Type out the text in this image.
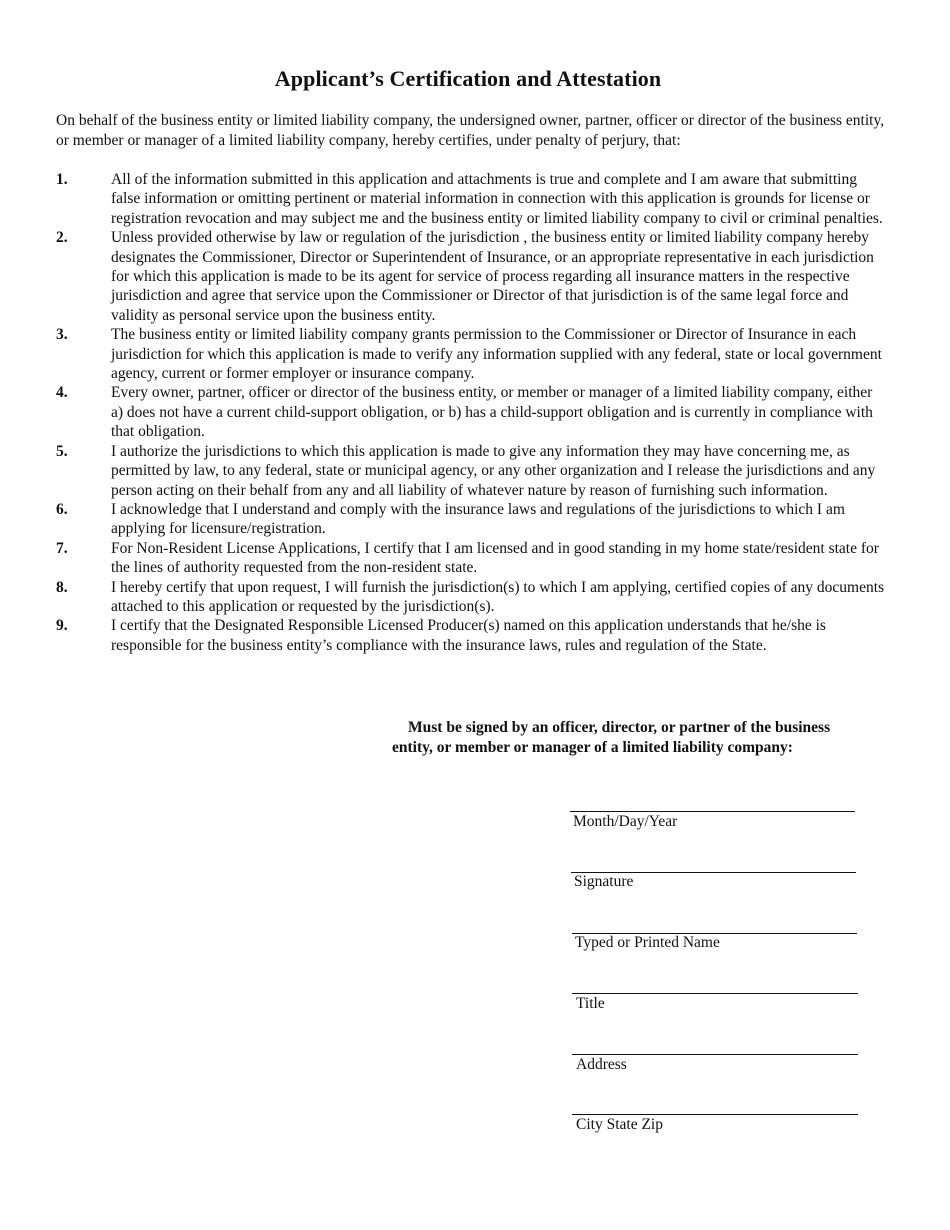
Applicant’s Certification and Attestation
On behalf of the business entity or limited liability company, the undersigned owner, partner, officer or director of the business entity, or member or manager of a limited liability company, hereby certifies, under penalty of perjury, that:
1.	All of the information submitted in this application and attachments is true and complete and I am aware that submitting false information or omitting pertinent or material information in connection with this application is grounds for license or registration revocation and may subject me and the business entity or limited liability company to civil or criminal penalties.
2.	Unless provided otherwise by law or regulation of the jurisdiction , the business entity or limited liability company hereby designates the Commissioner, Director or Superintendent of Insurance, or an appropriate representative in each jurisdiction for which this application is made to be its agent for service of process regarding all insurance matters in the respective jurisdiction and agree that service upon the Commissioner or Director of that jurisdiction is of the same legal force and validity as personal service upon the business entity.
3.	The business entity or limited liability company grants permission to the Commissioner or Director of Insurance in each jurisdiction for which this application is made to verify any information supplied with any federal, state or local government agency, current or former employer or insurance company.
4.	Every owner, partner, officer or director of the business entity, or member or manager of a limited liability company, either a) does not have a current child-support obligation, or b) has a child-support obligation and is currently in compliance with that obligation.
5.	I authorize the jurisdictions to which this application is made to give any information they may have concerning me, as permitted by law, to any federal, state or municipal agency, or any other organization and I release the jurisdictions and any person acting on their behalf from any and all liability of whatever nature by reason of furnishing such information.
6.	I acknowledge that I understand and comply with the insurance laws and regulations of the jurisdictions to which I am applying for licensure/registration.
7.	For Non-Resident License Applications, I certify that I am licensed and in good standing in my home state/resident state for the lines of authority requested from the non-resident state.
8.	I hereby certify that upon request, I will furnish the jurisdiction(s) to which I am applying, certified copies of any documents attached to this application or requested by the jurisdiction(s).
9.	I certify that the Designated Responsible Licensed Producer(s) named on this application understands that he/she is responsible for the business entity’s compliance with the insurance laws, rules and regulation of the State.
Must be signed by an officer, director, or partner of the business entity, or member or manager of a limited liability company:
Month/Day/Year
Signature
Typed or Printed Name
Title
Address
City State Zip
